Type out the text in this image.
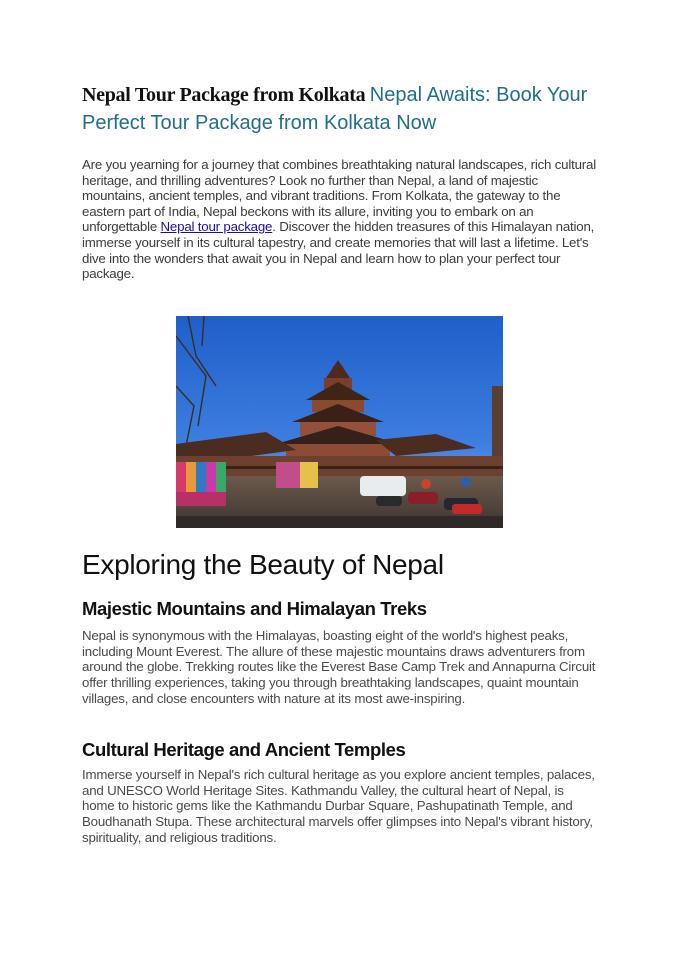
Nepal Tour Package from Kolkata Nepal Awaits: Book Your Perfect Tour Package from Kolkata Now

Are you yearning for a journey that combines breathtaking natural landscapes, rich cultural heritage, and thrilling adventures? Look no further than Nepal, a land of majestic mountains, ancient temples, and vibrant traditions. From Kolkata, the gateway to the eastern part of India, Nepal beckons with its allure, inviting you to embark on an unforgettable Nepal tour package. Discover the hidden treasures of this Himalayan nation, immerse yourself in its cultural tapestry, and create memories that will last a lifetime. Let's dive into the wonders that await you in Nepal and learn how to plan your perfect tour package.

Exploring the Beauty of Nepal
Majestic Mountains and Himalayan Treks

Nepal is synonymous with the Himalayas, boasting eight of the world's highest peaks, including Mount Everest. The allure of these majestic mountains draws adventurers from around the globe. Trekking routes like the Everest Base Camp Trek and Annapurna Circuit offer thrilling experiences, taking you through breathtaking landscapes, quaint mountain villages, and close encounters with nature at its most awe-inspiring.

Cultural Heritage and Ancient Temples

Immerse yourself in Nepal's rich cultural heritage as you explore ancient temples, palaces, and UNESCO World Heritage Sites. Kathmandu Valley, the cultural heart of Nepal, is home to historic gems like the Kathmandu Durbar Square, Pashupatinath Temple, and Boudhanath Stupa. These architectural marvels offer glimpses into Nepal's vibrant history, spirituality, and religious traditions.
